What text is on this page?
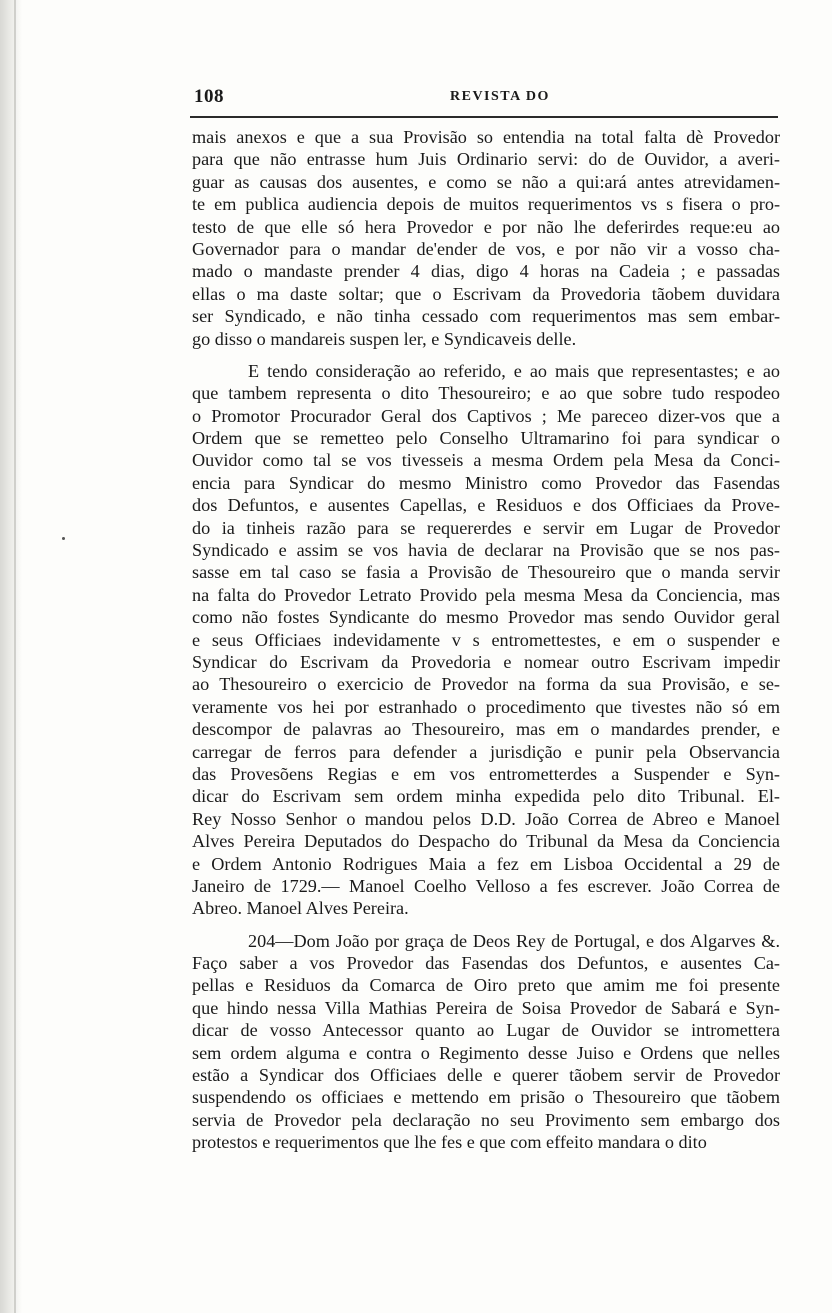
108	REVISTA DO
mais anexos e que a sua Provisão so entendia na total falta dè Provedor
para que não entrasse hum Juis Ordinario servi: do de Ouvidor, a averi-
guar as causas dos ausentes, e como se não a qui:ará antes atrevidamen-
te em publica audiencia depois de muitos requerimentos vs s fisera o pro-
testo de que elle só hera Provedor e por não lhe deferirdes reque:eu ao
Governador para o mandar de'ender de vos, e por não vir a vosso cha-
mado o mandaste prender 4 dias, digo 4 horas na Cadeia ; e passadas
ellas o ma daste soltar; que o Escrivam da Provedoria tãobem duvidara
ser Syndicado, e não tinha cessado com requerimentos mas sem embar-
go disso o mandareis suspen ler, e Syndicaveis delle.
E tendo consideração ao referido, e ao mais que representastes; e ao
que tambem representa o dito Thesoureiro; e ao que sobre tudo respodeo
o Promotor Procurador Geral dos Captivos ; Me pareceo dizer-vos que a
Ordem que se remetteo pelo Conselho Ultramarino foi para syndicar o
Ouvidor como tal se vos tivesseis a mesma Ordem pela Mesa da Conci-
encia para Syndicar do mesmo Ministro como Provedor das Fasendas
dos Defuntos, e ausentes Capellas, e Residuos e dos Officiaes da Prove-
do ia tinheis razão para se requererdes e servir em Lugar de Provedor
Syndicado e assim se vos havia de declarar na Provisão que se nos pas-
sasse em tal caso se fasia a Provisão de Thesoureiro que o manda servir
na falta do Provedor Letrato Provido pela mesma Mesa da Conciencia, mas
como não fostes Syndicante do mesmo Provedor mas sendo Ouvidor geral
e seus Officiaes indevidamente v s entromettestes, e em o suspender e
Syndicar do Escrivam da Provedoria e nomear outro Escrivam impedir
ao Thesoureiro o exercicio de Provedor na forma da sua Provisão, e se-
veramente vos hei por estranhado o procedimento que tivestes não só em
descompor de palavras ao Thesoureiro, mas em o mandardes prender, e
carregar de ferros para defender a jurisdição e punir pela Observancia
das Provesõens Regias e em vos entrometterdes a Suspender e Syn-
dicar do Escrivam sem ordem minha expedida pelo dito Tribunal. El-
Rey Nosso Senhor o mandou pelos D.D. João Correa de Abreo e Manoel
Alves Pereira Deputados do Despacho do Tribunal da Mesa da Conciencia
e Ordem Antonio Rodrigues Maia a fez em Lisboa Occidental a 29 de
Janeiro de 1729.— Manoel Coelho Velloso a fes escrever. João Correa de
Abreo. Manoel Alves Pereira.
204—Dom João por graça de Deos Rey de Portugal, e dos Algarves &.
Faço saber a vos Provedor das Fasendas dos Defuntos, e ausentes Ca-
pellas e Residuos da Comarca de Oiro preto que amim me foi presente
que hindo nessa Villa Mathias Pereira de Soisa Provedor de Sabará e Syn-
dicar de vosso Antecessor quanto ao Lugar de Ouvidor se intromettera
sem ordem alguma e contra o Regimento desse Juiso e Ordens que nelles
estão a Syndicar dos Officiaes delle e querer tãobem servir de Provedor
suspendendo os officiaes e mettendo em prisão o Thesoureiro que tãobem
servia de Provedor pela declaração no seu Provimento sem embargo dos
protestos e requerimentos que lhe fes e que com effeito mandara o dito
